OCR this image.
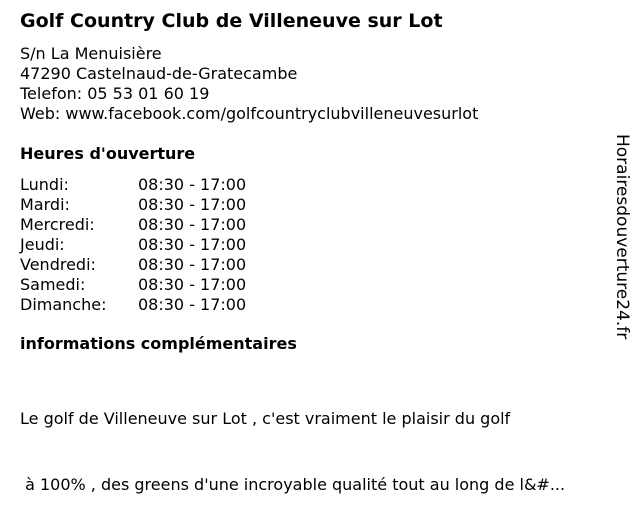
Golf Country Club de Villeneuve sur Lot
S/n La Menuisière
47290 Castelnaud-de-Gratecambe
Telefon: 05 53 01 60 19
Web: www.facebook.com/golfcountryclubvilleneuvesurlot
Heures d'ouverture
Lundi:	08:30 - 17:00
Mardi:	08:30 - 17:00
Mercredi:	08:30 - 17:00
Jeudi:	08:30 - 17:00
Vendredi:	08:30 - 17:00
Samedi:	08:30 - 17:00
Dimanche:	08:30 - 17:00
informations complémentaires

Le golf de Villeneuve sur Lot , c'est vraiment le plaisir du golf

à 100% , des greens d'une incroyable qualité tout au long de l&#...

Horairesdouverture24.fr
